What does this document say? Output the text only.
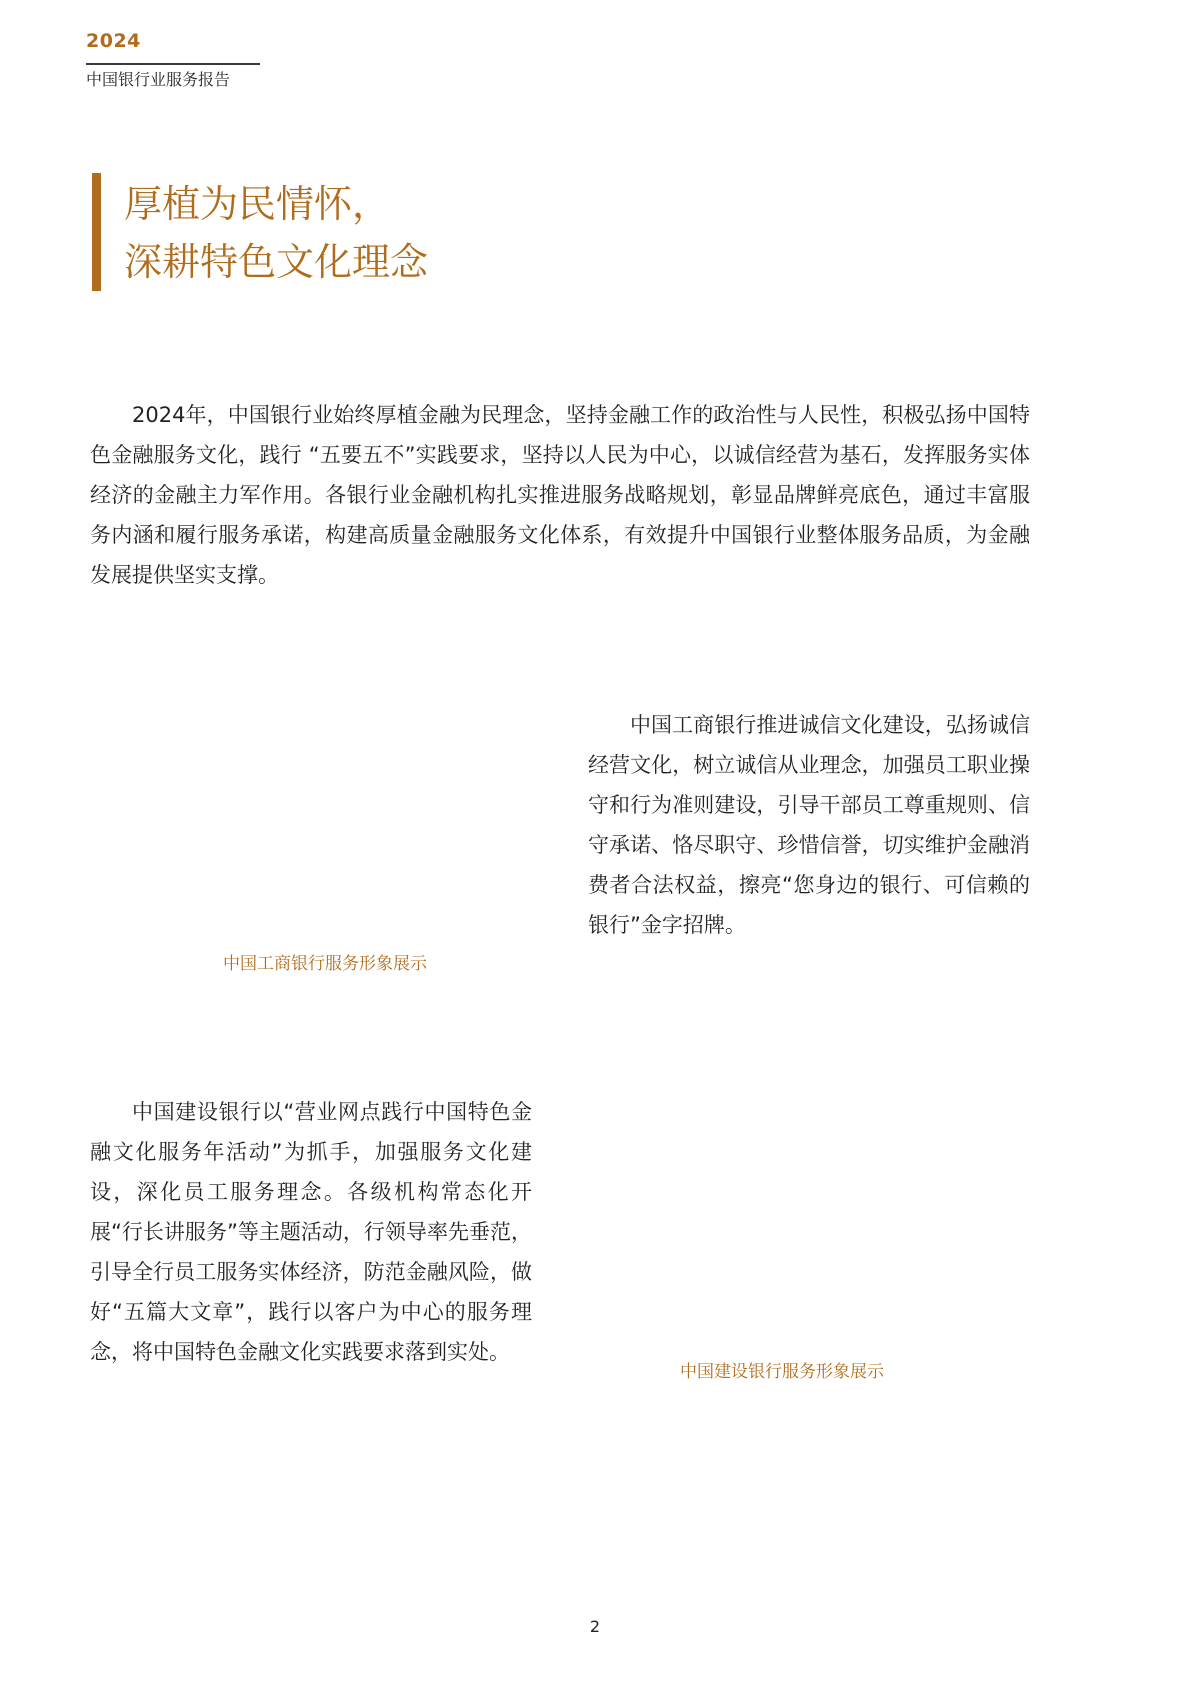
2024
中国银行业服务报告
厚植为民情怀，
深耕特色文化理念

2024年，中国银行业始终厚植金融为民理念，坚持金融工作的政治性与人民性，积极弘扬中国特色金融服务文化，践行 “五要五不”实践要求，坚持以人民为中心，以诚信经营为基石，发挥服务实体经济的金融主力军作用。各银行业金融机构扎实推进服务战略规划，彰显品牌鲜亮底色，通过丰富服务内涵和履行服务承诺，构建高质量金融服务文化体系，有效提升中国银行业整体服务品质，为金融发展提供坚实支撑。

中国工商银行推进诚信文化建设，弘扬诚信经营文化，树立诚信从业理念，加强员工职业操守和行为准则建设，引导干部员工尊重规则、信守承诺、恪尽职守、珍惜信誉，切实维护金融消费者合法权益，擦亮“您身边的银行、可信赖的银行”金字招牌。

中国工商银行服务形象展示

中国建设银行以“营业网点践行中国特色金融文化服务年活动”为抓手，加强服务文化建设，深化员工服务理念。各级机构常态化开展“行长讲服务”等主题活动，行领导率先垂范，引导全行员工服务实体经济，防范金融风险，做好“五篇大文章”，践行以客户为中心的服务理念，将中国特色金融文化实践要求落到实处。

中国建设银行服务形象展示
2
